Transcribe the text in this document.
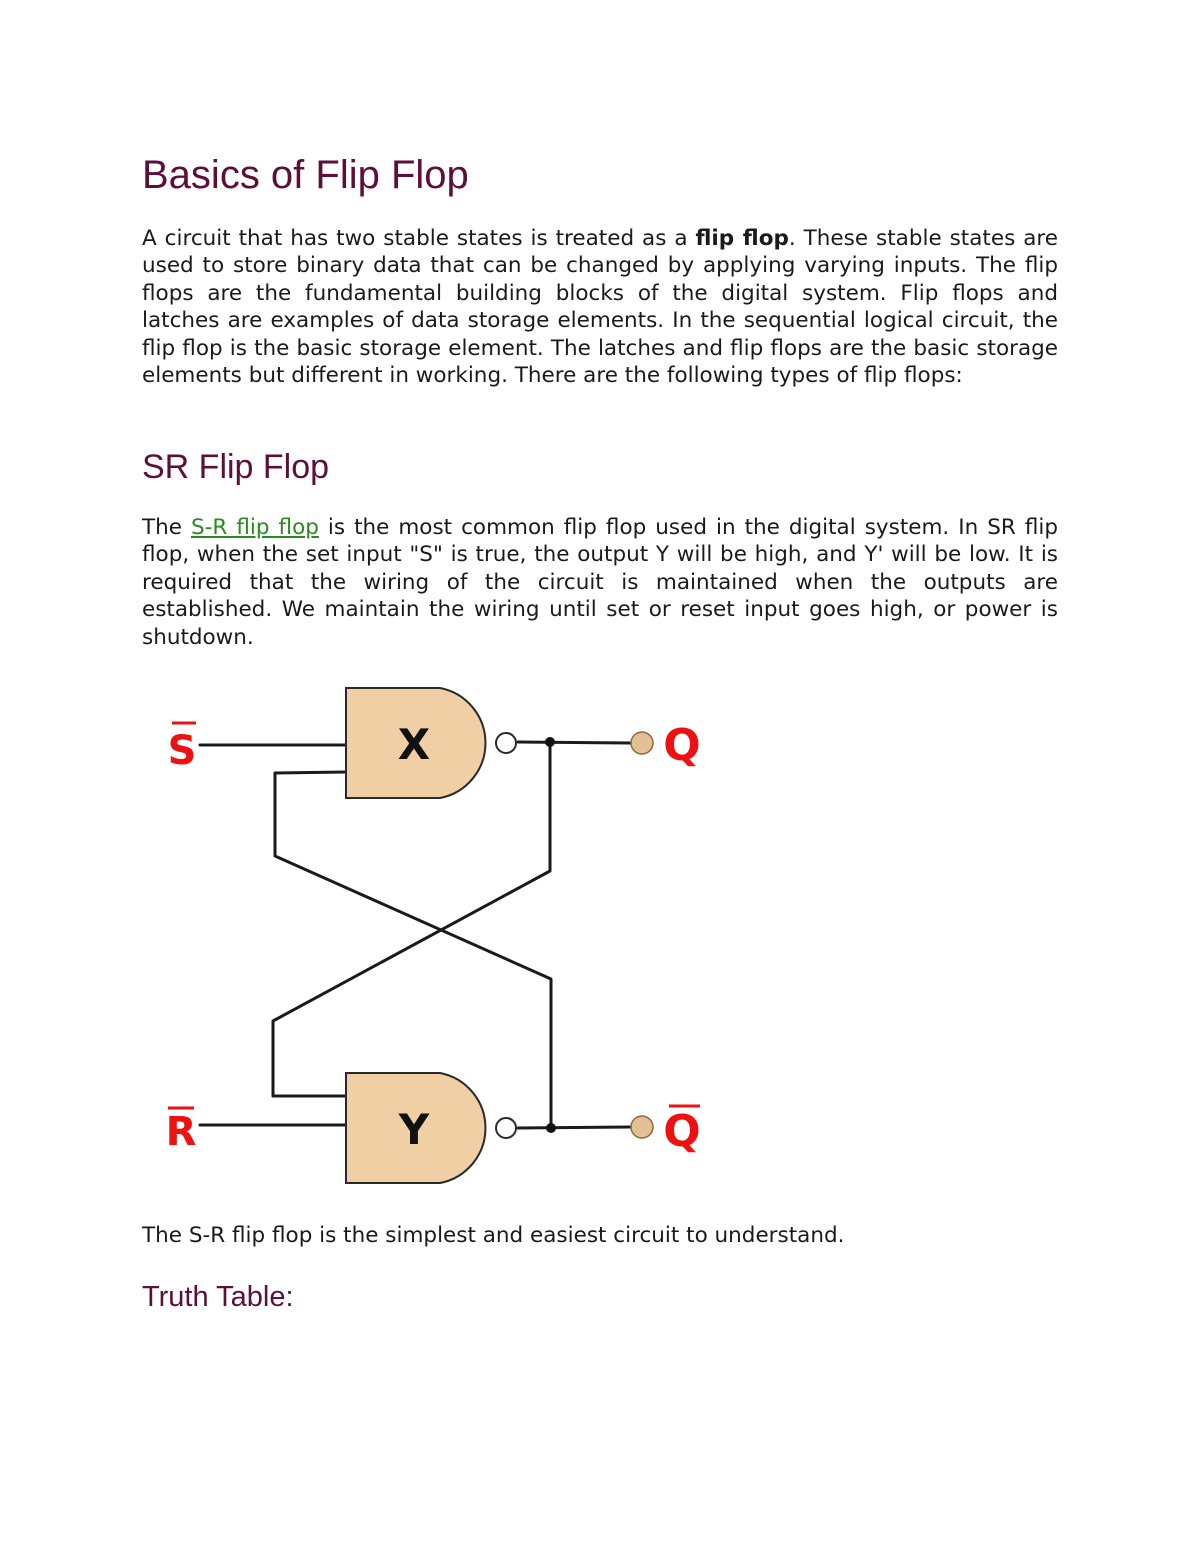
Basics of Flip Flop

A circuit that has two stable states is treated as a flip flop. These stable states are used to store binary data that can be changed by applying varying inputs. The flip flops are the fundamental building blocks of the digital system. Flip flops and latches are examples of data storage elements. In the sequential logical circuit, the flip flop is the basic storage element. The latches and flip flops are the basic storage elements but different in working. There are the following types of flip flops:

SR Flip Flop

The S-R flip flop is the most common flip flop used in the digital system. In SR flip flop, when the set input "S" is true, the output Y will be high, and Y' will be low. It is required that the wiring of the circuit is maintained when the outputs are established. We maintain the wiring until set or reset input goes high, or power is shutdown.

X
Y
S
R
Q
Q

The S-R flip flop is the simplest and easiest circuit to understand.

Truth Table:
